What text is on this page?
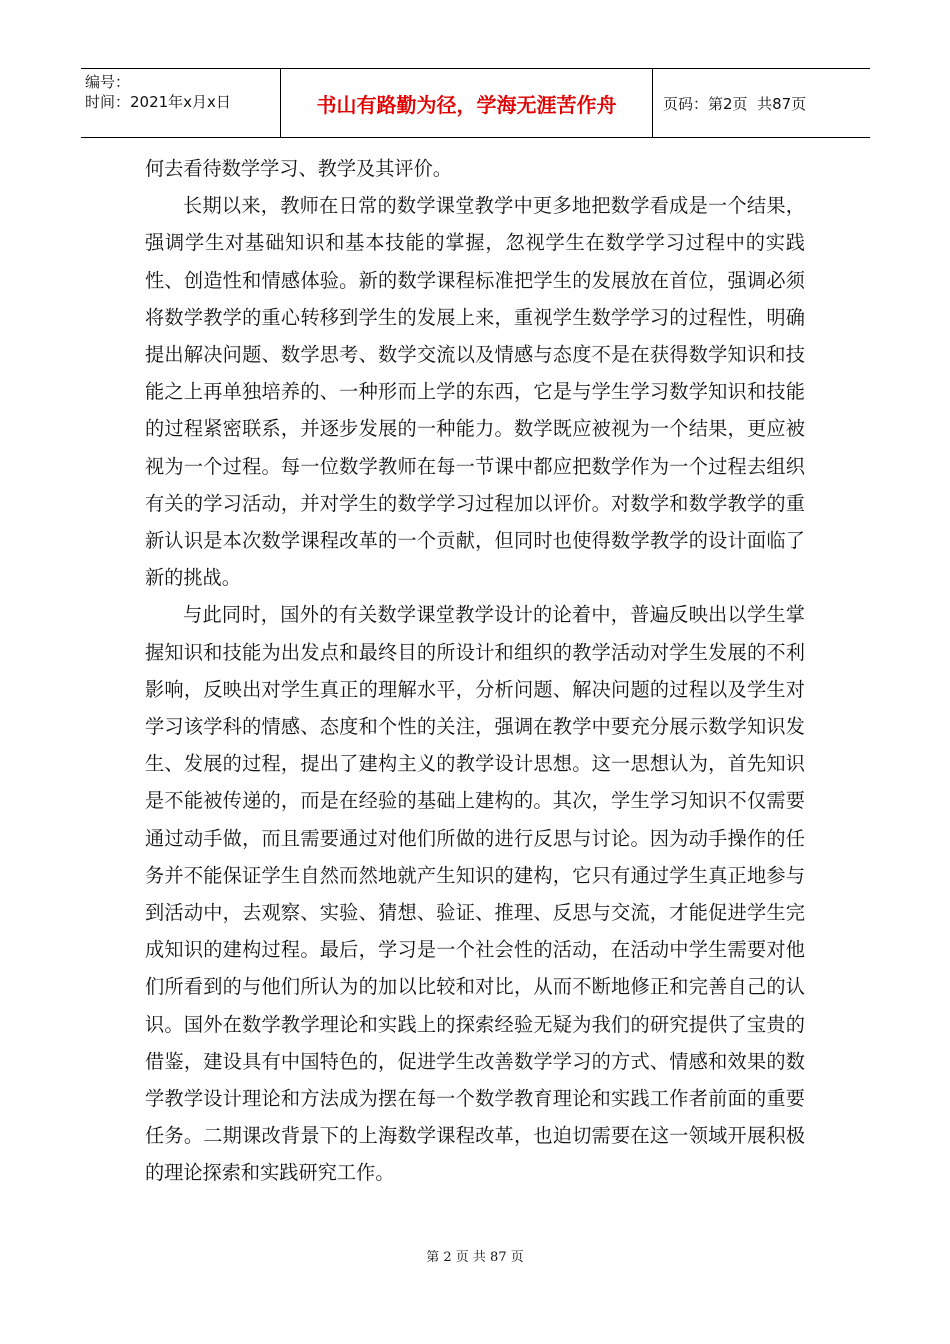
编号：
时间：2021年x月x日	书山有路勤为径，学海无涯苦作舟	页码：第2页  共87页

何去看待数学学习、教学及其评价。

长期以来，教师在日常的数学课堂教学中更多地把数学看成是一个结果，强调学生对基础知识和基本技能的掌握，忽视学生在数学学习过程中的实践性、创造性和情感体验。新的数学课程标准把学生的发展放在首位，强调必须将数学教学的重心转移到学生的发展上来，重视学生数学学习的过程性，明确提出解决问题、数学思考、数学交流以及情感与态度不是在获得数学知识和技能之上再单独培养的、一种形而上学的东西，它是与学生学习数学知识和技能的过程紧密联系，并逐步发展的一种能力。数学既应被视为一个结果，更应被视为一个过程。每一位数学教师在每一节课中都应把数学作为一个过程去组织有关的学习活动，并对学生的数学学习过程加以评价。对数学和数学教学的重新认识是本次数学课程改革的一个贡献，但同时也使得数学教学的设计面临了新的挑战。

与此同时，国外的有关数学课堂教学设计的论着中，普遍反映出以学生掌握知识和技能为出发点和最终目的所设计和组织的教学活动对学生发展的不利影响，反映出对学生真正的理解水平，分析问题、解决问题的过程以及学生对学习该学科的情感、态度和个性的关注，强调在教学中要充分展示数学知识发生、发展的过程，提出了建构主义的教学设计思想。这一思想认为，首先知识是不能被传递的，而是在经验的基础上建构的。其次，学生学习知识不仅需要通过动手做，而且需要通过对他们所做的进行反思与讨论。因为动手操作的任务并不能保证学生自然而然地就产生知识的建构，它只有通过学生真正地参与到活动中，去观察、实验、猜想、验证、推理、反思与交流，才能促进学生完成知识的建构过程。最后，学习是一个社会性的活动，在活动中学生需要对他们所看到的与他们所认为的加以比较和对比，从而不断地修正和完善自己的认识。国外在数学教学理论和实践上的探索经验无疑为我们的研究提供了宝贵的借鉴，建设具有中国特色的，促进学生改善数学学习的方式、情感和效果的数学教学设计理论和方法成为摆在每一个数学教育理论和实践工作者前面的重要任务。二期课改背景下的上海数学课程改革，也迫切需要在这一领域开展积极的理论探索和实践研究工作。

第 2 页 共 87 页
